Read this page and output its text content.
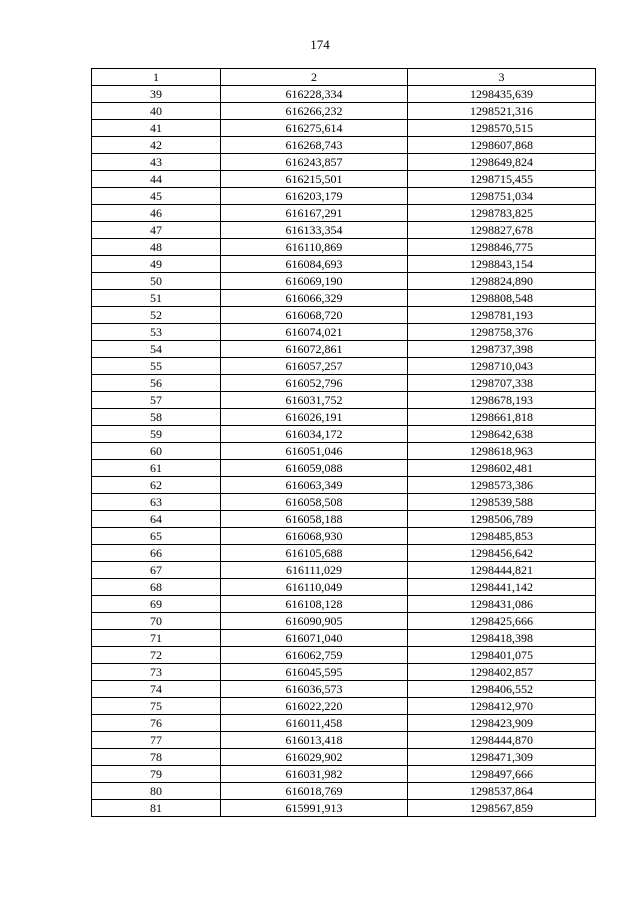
174
1	2	3
39	616228,334	1298435,639
40	616266,232	1298521,316
41	616275,614	1298570,515
42	616268,743	1298607,868
43	616243,857	1298649,824
44	616215,501	1298715,455
45	616203,179	1298751,034
46	616167,291	1298783,825
47	616133,354	1298827,678
48	616110,869	1298846,775
49	616084,693	1298843,154
50	616069,190	1298824,890
51	616066,329	1298808,548
52	616068,720	1298781,193
53	616074,021	1298758,376
54	616072,861	1298737,398
55	616057,257	1298710,043
56	616052,796	1298707,338
57	616031,752	1298678,193
58	616026,191	1298661,818
59	616034,172	1298642,638
60	616051,046	1298618,963
61	616059,088	1298602,481
62	616063,349	1298573,386
63	616058,508	1298539,588
64	616058,188	1298506,789
65	616068,930	1298485,853
66	616105,688	1298456,642
67	616111,029	1298444,821
68	616110,049	1298441,142
69	616108,128	1298431,086
70	616090,905	1298425,666
71	616071,040	1298418,398
72	616062,759	1298401,075
73	616045,595	1298402,857
74	616036,573	1298406,552
75	616022,220	1298412,970
76	616011,458	1298423,909
77	616013,418	1298444,870
78	616029,902	1298471,309
79	616031,982	1298497,666
80	616018,769	1298537,864
81	615991,913	1298567,859
